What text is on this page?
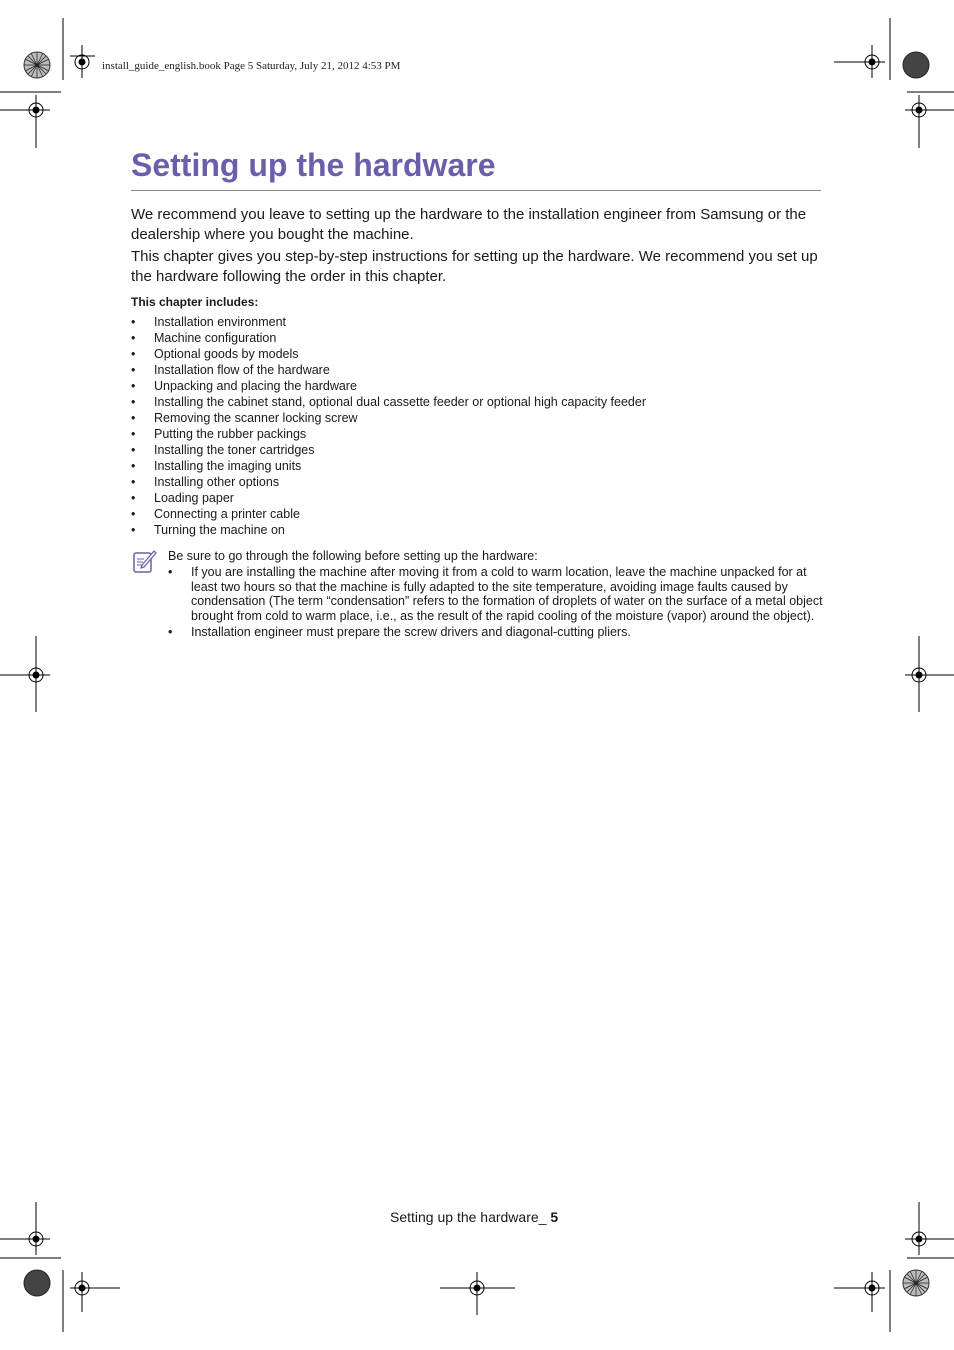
install_guide_english.book Page 5 Saturday, July 21, 2012 4:53 PM
Setting up the hardware

We recommend you leave to setting up the hardware to the installation engineer from Samsung or the dealership where you bought the machine.

This chapter gives you step-by-step instructions for setting up the hardware. We recommend you set up the hardware following the order in this chapter.

This chapter includes:

• Installation environment
• Machine configuration
• Optional goods by models
• Installation flow of the hardware
• Unpacking and placing the hardware
• Installing the cabinet stand, optional dual cassette feeder or optional high capacity feeder
• Removing the scanner locking screw
• Putting the rubber packings
• Installing the toner cartridges
• Installing the imaging units
• Installing other options
• Loading paper
• Connecting a printer cable
• Turning the machine on

Be sure to go through the following before setting up the hardware:

• If you are installing the machine after moving it from a cold to warm location, leave the machine unpacked for at least two hours so that the machine is fully adapted to the site temperature, avoiding image faults caused by condensation (The term “condensation” refers to the formation of droplets of water on the surface of a metal object brought from cold to warm place, i.e., as the result of the rapid cooling of the moisture (vapor) around the object).
• Installation engineer must prepare the screw drivers and diagonal-cutting pliers.
Setting up the hardware_ 5
